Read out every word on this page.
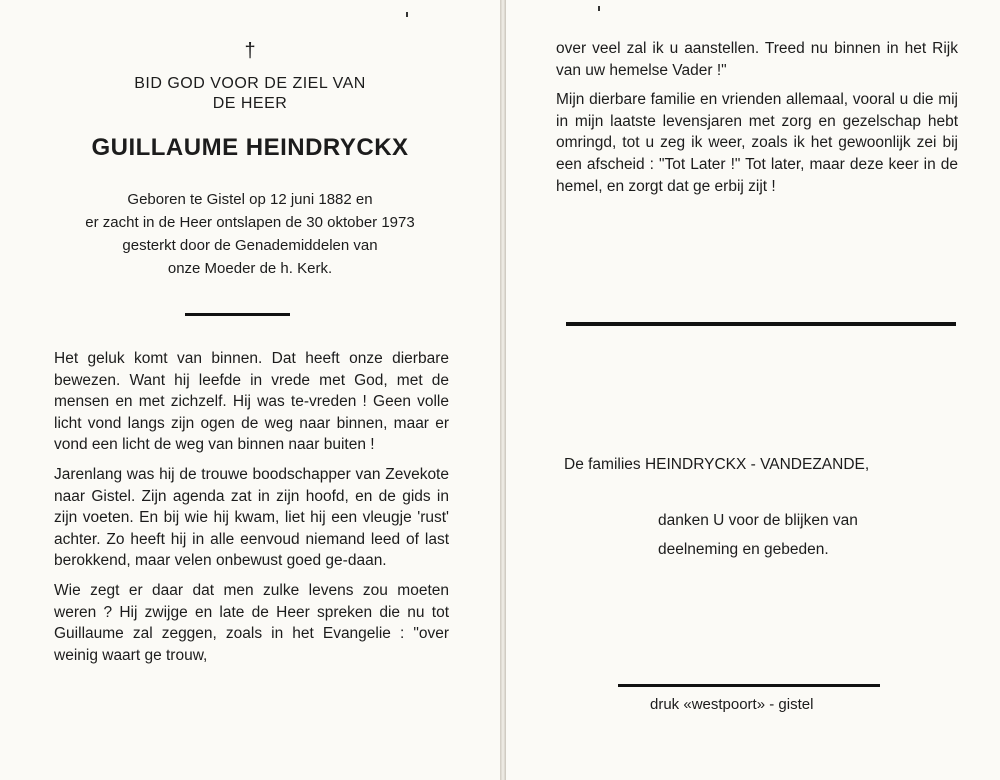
†
BID GOD VOOR DE ZIEL VAN
DE HEER
GUILLAUME HEINDRYCKX
Geboren te Gistel op 12 juni 1882 en
er zacht in de Heer ontslapen de 30 oktober 1973
gesterkt door de Genademiddelen van
onze Moeder de h. Kerk.

Het geluk komt van binnen. Dat heeft onze dierbare bewezen. Want hij leefde in vrede met God, met de mensen en met zichzelf. Hij was te-vreden ! Geen volle licht vond langs zijn ogen de weg naar binnen, maar er vond een licht de weg van binnen naar buiten !

Jarenlang was hij de trouwe boodschapper van Zevekote naar Gistel. Zijn agenda zat in zijn hoofd, en de gids in zijn voeten. En bij wie hij kwam, liet hij een vleugje 'rust' achter. Zo heeft hij in alle eenvoud niemand leed of last berokkend, maar velen onbewust goed ge-daan.

Wie zegt er daar dat men zulke levens zou moeten weren ? Hij zwijge en late de Heer spreken die nu tot Guillaume zal zeggen, zoals in het Evangelie : "over weinig waart ge trouw,

over veel zal ik u aanstellen. Treed nu binnen in het Rijk van uw hemelse Vader !"

Mijn dierbare familie en vrienden allemaal, vooral u die mij in mijn laatste levensjaren met zorg en gezelschap hebt omringd, tot u zeg ik weer, zoals ik het gewoonlijk zei bij een afscheid : "Tot Later !" Tot later, maar deze keer in de hemel, en zorgt dat ge erbij zijt !

De families HEINDRYCKX - VANDEZANDE,
danken U voor de blijken van
deelneming en gebeden.
druk «westpoort» - gistel
